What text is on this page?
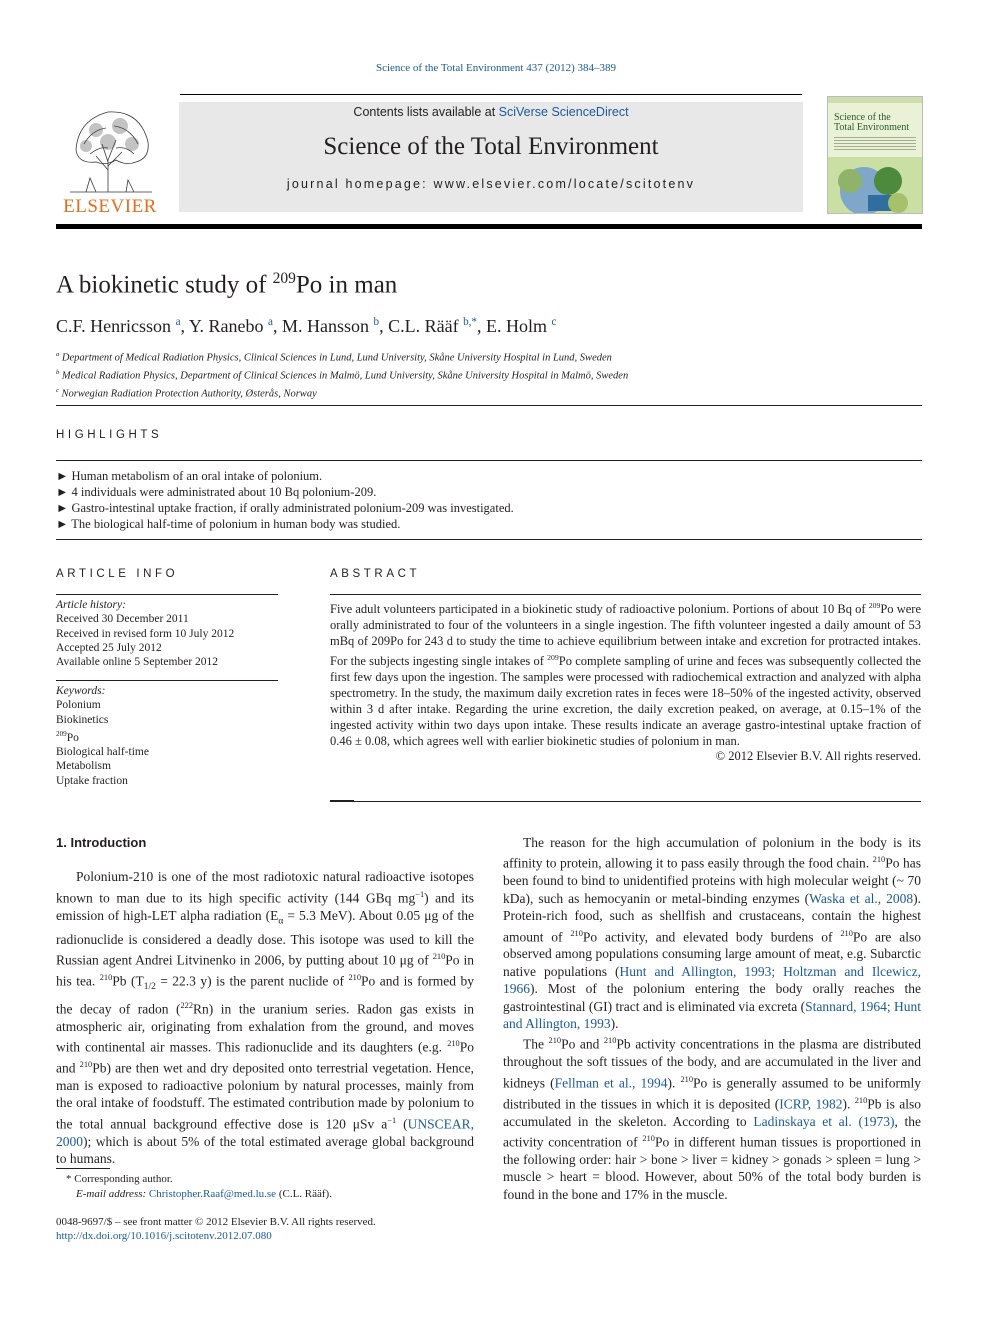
Science of the Total Environment 437 (2012) 384–389
ELSEVIER
Contents lists available at SciVerse ScienceDirect
Science of the Total Environment
journal homepage: www.elsevier.com/locate/scitotenv
Science of the
Total Environment
A biokinetic study of $^{209}$Po in man
C.F. Henricsson $^a$, Y. Ranebo $^a$, M. Hansson $^b$, C.L. Rääf $^{b,*}$, E. Holm $^c$
$^a$ Department of Medical Radiation Physics, Clinical Sciences in Lund, Lund University, Skåne University Hospital in Lund, Sweden
$^b$ Medical Radiation Physics, Department of Clinical Sciences in Malmö, Lund University, Skåne University Hospital in Malmö, Sweden
$^c$ Norwegian Radiation Protection Authority, Østerås, Norway
HIGHLIGHTS
► Human metabolism of an oral intake of polonium.
► 4 individuals were administrated about 10 Bq polonium-209.
► Gastro-intestinal uptake fraction, if orally administrated polonium-209 was investigated.
► The biological half-time of polonium in human body was studied.
ARTICLE INFO
Article history:
Received 30 December 2011
Received in revised form 10 July 2012
Accepted 25 July 2012
Available online 5 September 2012
Keywords:
Polonium
Biokinetics
$^{209}$Po
Biological half-time
Metabolism
Uptake fraction
ABSTRACT

Five adult volunteers participated in a biokinetic study of radioactive polonium. Portions of about 10 Bq of $^{209}$Po were orally administrated to four of the volunteers in a single ingestion. The fifth volunteer ingested a daily amount of 53 mBq of 209Po for 243 d to study the time to achieve equilibrium between intake and excretion for protracted intakes. For the subjects ingesting single intakes of $^{209}$Po complete sampling of urine and feces was subsequently collected the first few days upon the ingestion. The samples were processed with radiochemical extraction and analyzed with alpha spectrometry. In the study, the maximum daily excretion rates in feces were 18–50% of the ingested activity, observed within 3 d after intake. Regarding the urine excretion, the daily excretion peaked, on average, at 0.15–1% of the ingested activity within two days upon intake. These results indicate an average gastro-intestinal uptake fraction of 0.46 ± 0.08, which agrees well with earlier biokinetic studies of polonium in man.

© 2012 Elsevier B.V. All rights reserved.

1. Introduction

Polonium-210 is one of the most radiotoxic natural radioactive isotopes known to man due to its high specific activity (144 GBq $mg^{-1}$) and its emission of high-LET alpha radiation ($E_\alpha = 5.3$ MeV). About 0.05 μg of the radionuclide is considered a deadly dose. This isotope was used to kill the Russian agent Andrei Litvinenko in 2006, by putting about 10 μg of $^{210}$Po in his tea. $^{210}$Pb ($T_{1/2} = 22.3$ y) is the parent nuclide of $^{210}$Po and is formed by the decay of radon ($^{222}$Rn) in the uranium series. Radon gas exists in atmospheric air, originating from exhalation from the ground, and moves with continental air masses. This radionuclide and its daughters (e.g. $^{210}$Po and $^{210}$Pb) are then wet and dry deposited onto terrestrial vegetation. Hence, man is exposed to radioactive polonium by natural processes, mainly from the oral intake of foodstuff. The estimated contribution made by polonium to the total annual background effective dose is 120 μSv $a^{-1}$ (UNSCEAR, 2000); which is about 5% of the total estimated average global background to humans.

* Corresponding author.
E-mail address: Christopher.Raaf@med.lu.se (C.L. Rääf).
0048-9697/$ – see front matter © 2012 Elsevier B.V. All rights reserved.
http://dx.doi.org/10.1016/j.scitotenv.2012.07.080

The reason for the high accumulation of polonium in the body is its affinity to protein, allowing it to pass easily through the food chain. $^{210}$Po has been found to bind to unidentified proteins with high molecular weight (~ 70 kDa), such as hemocyanin or metal-binding enzymes (Waska et al., 2008). Protein-rich food, such as shellfish and crustaceans, contain the highest amount of $^{210}$Po activity, and elevated body burdens of $^{210}$Po are also observed among populations consuming large amount of meat, e.g. Subarctic native populations (Hunt and Allington, 1993; Holtzman and Ilcewicz, 1966). Most of the polonium entering the body orally reaches the gastrointestinal (GI) tract and is eliminated via excreta (Stannard, 1964; Hunt and Allington, 1993).

The $^{210}$Po and $^{210}$Pb activity concentrations in the plasma are distributed throughout the soft tissues of the body, and are accumulated in the liver and kidneys (Fellman et al., 1994). $^{210}$Po is generally assumed to be uniformly distributed in the tissues in which it is deposited (ICRP, 1982). $^{210}$Pb is also accumulated in the skeleton. According to Ladinskaya et al. (1973), the activity concentration of $^{210}$Po in different human tissues is proportioned in the following order: hair > bone > liver = kidney > gonads > spleen = lung > muscle > heart = blood. However, about 50% of the total body burden is found in the bone and 17% in the muscle.
